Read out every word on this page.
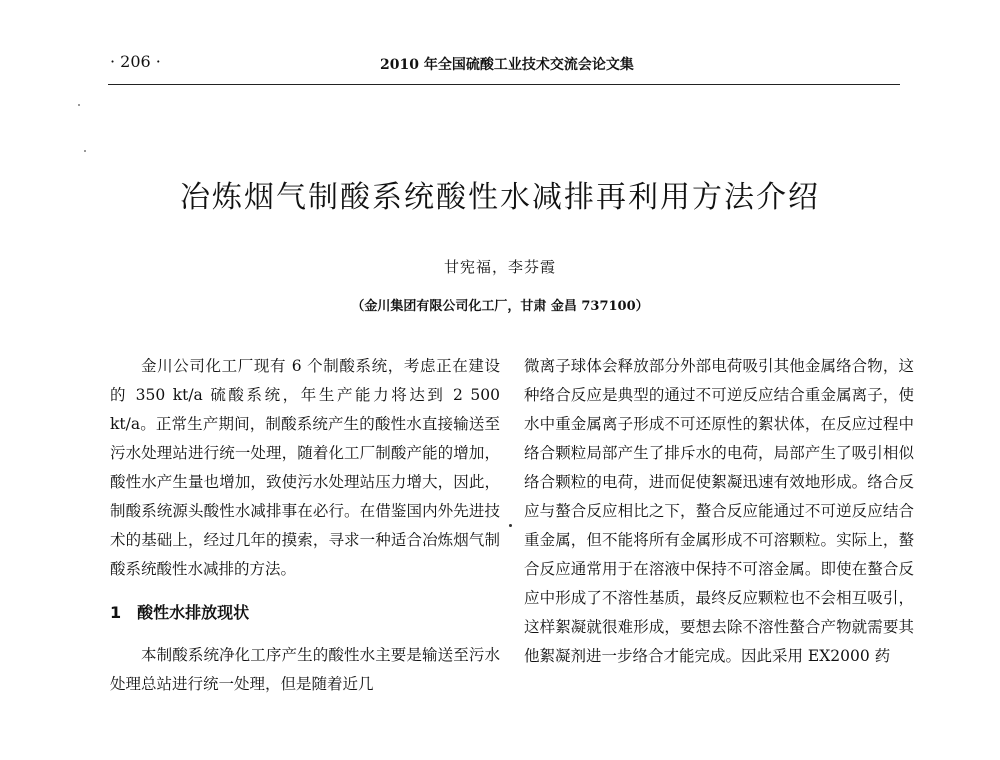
· 206 ·	2010 年全国硫酸工业技术交流会论文集
冶炼烟气制酸系统酸性水减排再利用方法介绍
甘宪福，李芬霞
（金川集团有限公司化工厂，甘肃 金昌 737100）

金川公司化工厂现有 6 个制酸系统，考虑正在建设的 350 kt/a 硫酸系统，年生产能力将达到 2 500 kt/a。正常生产期间，制酸系统产生的酸性水直接输送至污水处理站进行统一处理，随着化工厂制酸产能的增加，酸性水产生量也增加，致使污水处理站压力增大，因此，制酸系统源头酸性水减排事在必行。在借鉴国内外先进技术的基础上，经过几年的摸索，寻求一种适合冶炼烟气制酸系统酸性水减排的方法。

1　酸性水排放现状

本制酸系统净化工序产生的酸性水主要是输送至污水处理总站进行统一处理，但是随着近几

微离子球体会释放部分外部电荷吸引其他金属络合物，这种络合反应是典型的通过不可逆反应结合重金属离子，使水中重金属离子形成不可还原性的絮状体，在反应过程中络合颗粒局部产生了排斥水的电荷，局部产生了吸引相似络合颗粒的电荷，进而促使絮凝迅速有效地形成。络合反应与螯合反应相比之下，螯合反应能通过不可逆反应结合重金属，但不能将所有金属形成不可溶颗粒。实际上，螯合反应通常用于在溶液中保持不可溶金属。即使在螯合反应中形成了不溶性基质，最终反应颗粒也不会相互吸引，这样絮凝就很难形成，要想去除不溶性螯合产物就需要其他絮凝剂进一步络合才能完成。因此采用 EX2000 药
